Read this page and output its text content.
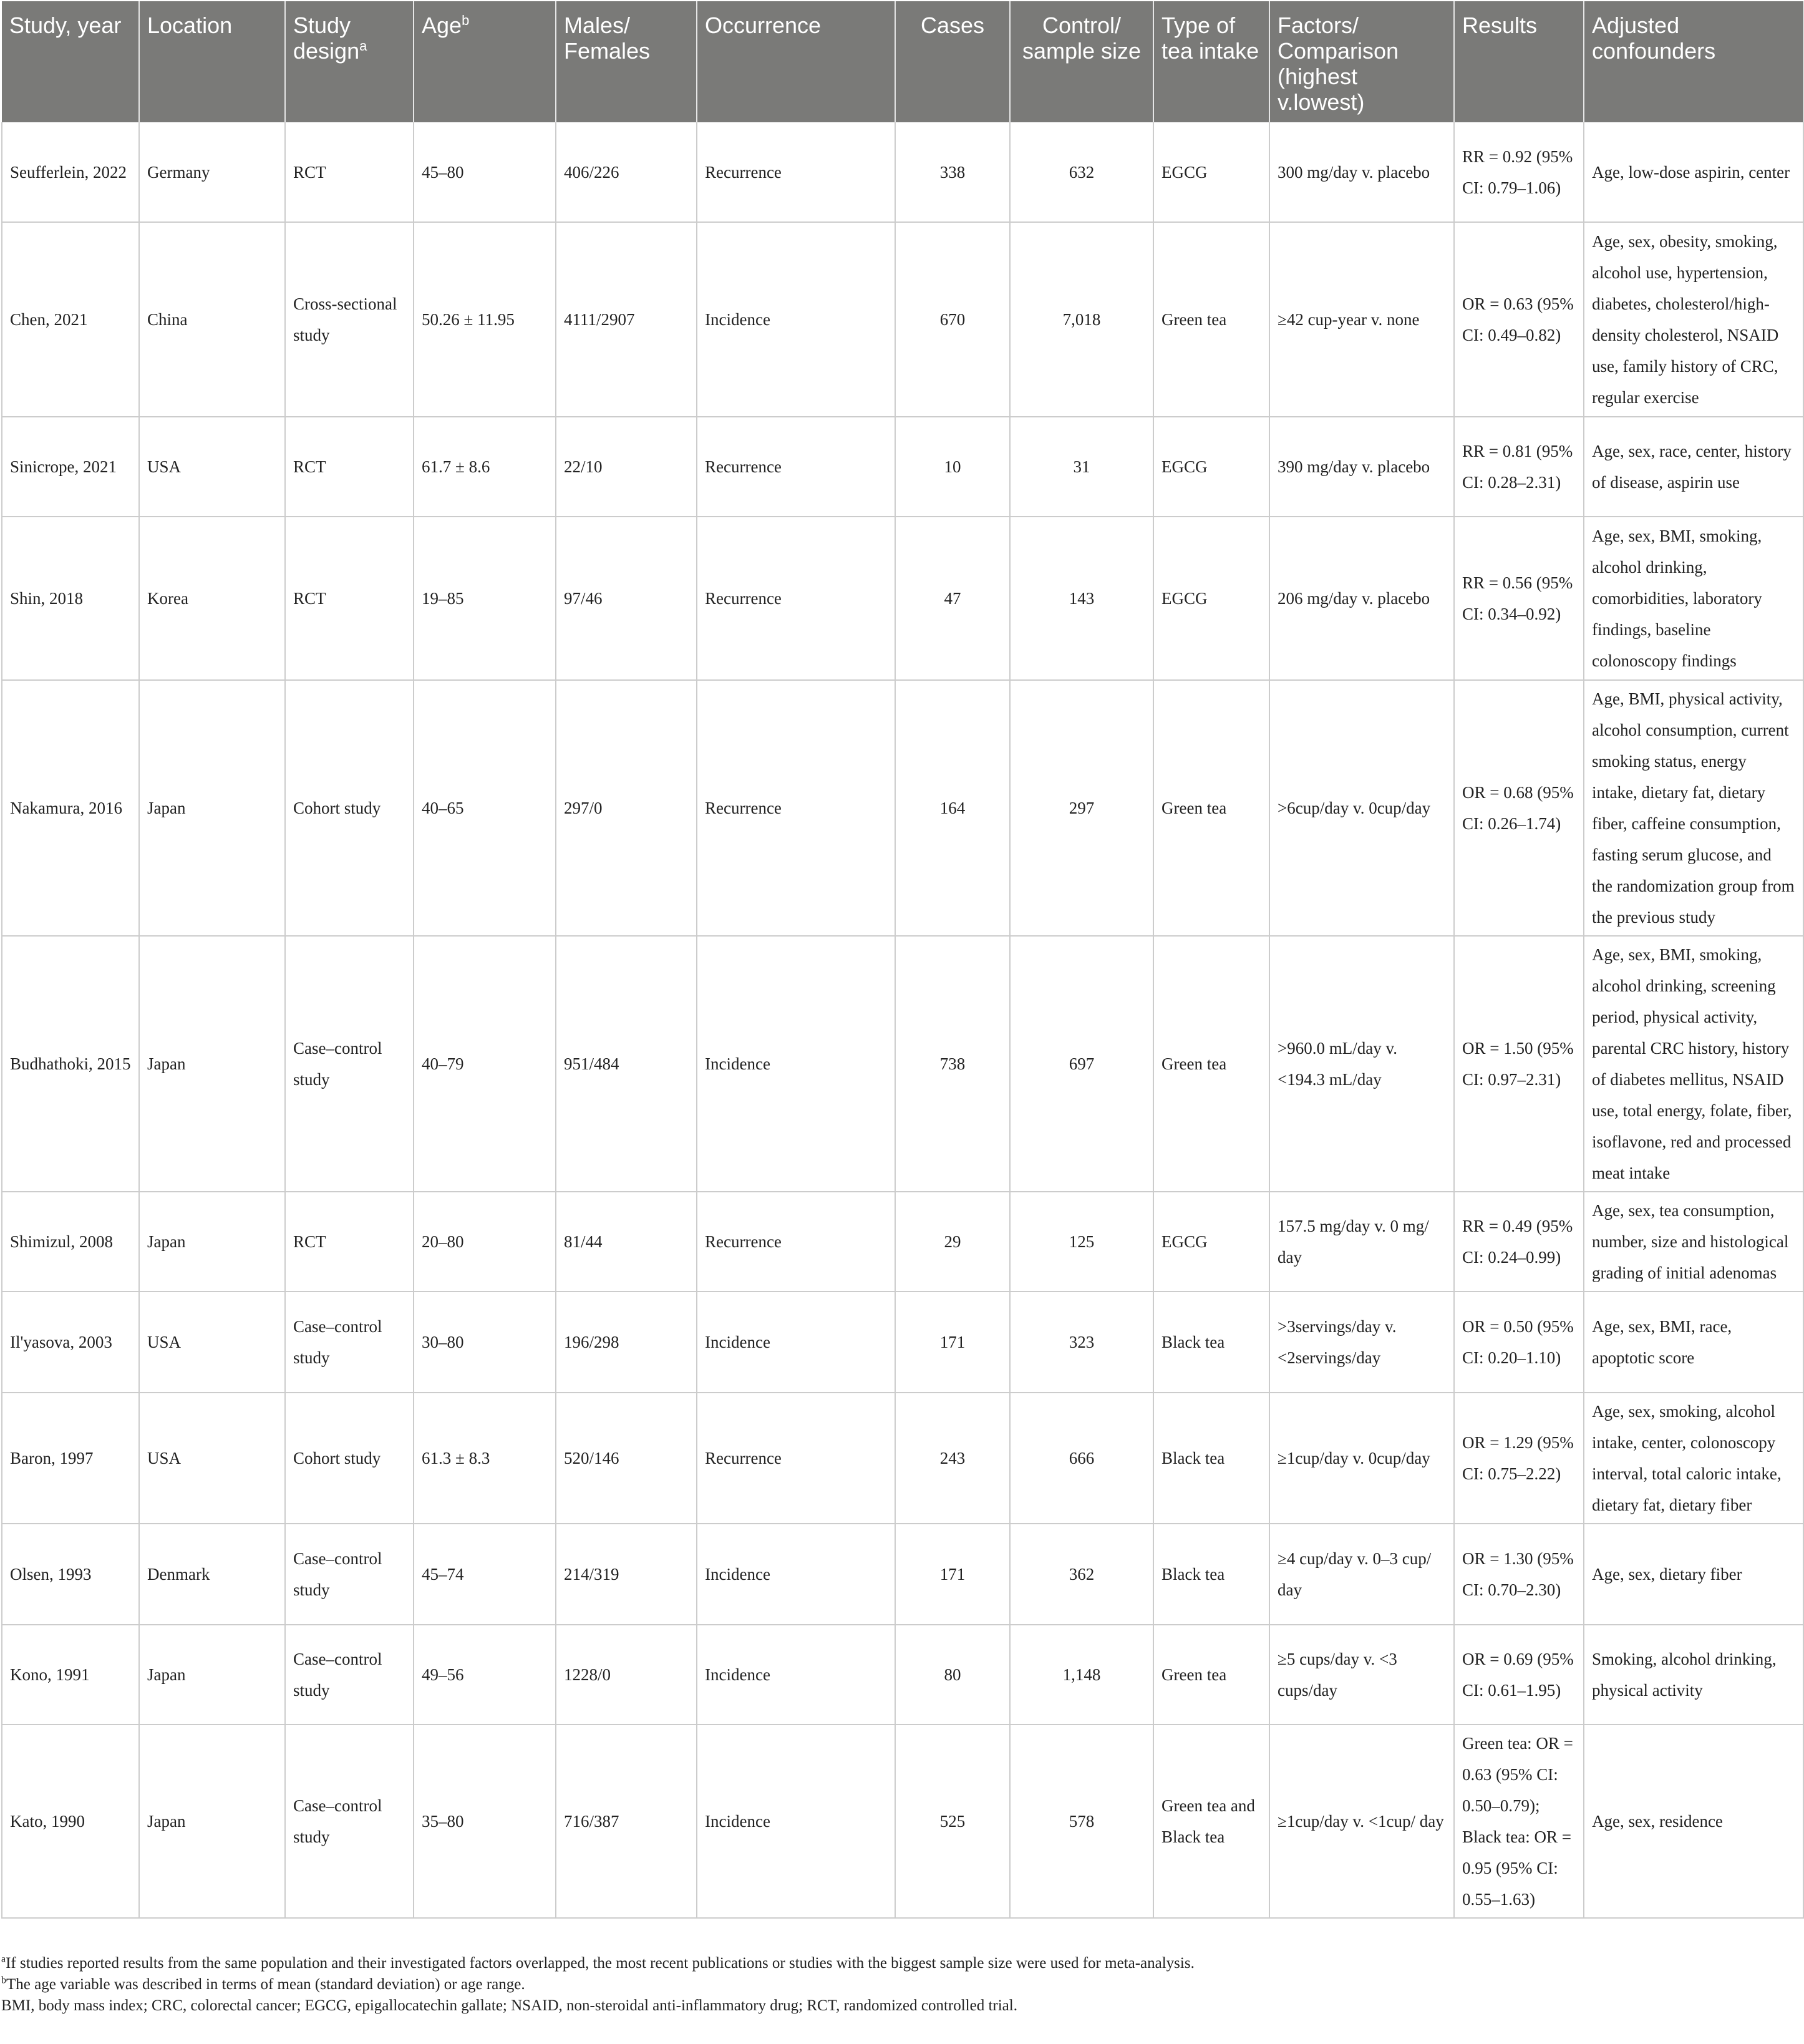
Study, year	Location	Study design$^a$	Age$^b$	Males/ Females	Occurrence	Cases	Control/ sample size	Type of tea intake	Factors/ Comparison (highest v.lowest)	Results	Adjusted confounders
Seufferlein, 2022	Germany	RCT	45–80	406/226	Recurrence	338	632	EGCG	300 mg/day v. placebo	RR = 0.92 (95% CI: 0.79–1.06)	Age, low-dose aspirin, center
Chen, 2021	China	Cross-sectional study	50.26 ± 11.95	4111/2907	Incidence	670	7,018	Green tea	≥42 cup-year v. none	OR = 0.63 (95% CI: 0.49–0.82)	Age, sex, obesity, smoking, alcohol use, hypertension, diabetes, cholesterol/high-density cholesterol, NSAID use, family history of CRC, regular exercise
Sinicrope, 2021	USA	RCT	61.7 ± 8.6	22/10	Recurrence	10	31	EGCG	390 mg/day v. placebo	RR = 0.81 (95% CI: 0.28–2.31)	Age, sex, race, center, history of disease, aspirin use
Shin, 2018	Korea	RCT	19–85	97/46	Recurrence	47	143	EGCG	206 mg/day v. placebo	RR = 0.56 (95% CI: 0.34–0.92)	Age, sex, BMI, smoking, alcohol drinking, comorbidities, laboratory findings, baseline colonoscopy findings
Nakamura, 2016	Japan	Cohort study	40–65	297/0	Recurrence	164	297	Green tea	>6cup/day v. 0cup/day	OR = 0.68 (95% CI: 0.26–1.74)	Age, BMI, physical activity, alcohol consumption, current smoking status, energy intake, dietary fat, dietary fiber, caffeine consumption, fasting serum glucose, and the randomization group from the previous study
Budhathoki, 2015	Japan	Case–control study	40–79	951/484	Incidence	738	697	Green tea	>960.0 mL/day v. <194.3 mL/day	OR = 1.50 (95% CI: 0.97–2.31)	Age, sex, BMI, smoking, alcohol drinking, screening period, physical activity, parental CRC history, history of diabetes mellitus, NSAID use, total energy, folate, fiber, isoflavone, red and processed meat intake
Shimizul, 2008	Japan	RCT	20–80	81/44	Recurrence	29	125	EGCG	157.5 mg/day v. 0 mg/ day	RR = 0.49 (95% CI: 0.24–0.99)	Age, sex, tea consumption, number, size and histological grading of initial adenomas
Il'yasova, 2003	USA	Case–control study	30–80	196/298	Incidence	171	323	Black tea	>3servings/day v. <2servings/day	OR = 0.50 (95% CI: 0.20–1.10)	Age, sex, BMI, race, apoptotic score
Baron, 1997	USA	Cohort study	61.3 ± 8.3	520/146	Recurrence	243	666	Black tea	≥1cup/day v. 0cup/day	OR = 1.29 (95% CI: 0.75–2.22)	Age, sex, smoking, alcohol intake, center, colonoscopy interval, total caloric intake, dietary fat, dietary fiber
Olsen, 1993	Denmark	Case–control study	45–74	214/319	Incidence	171	362	Black tea	≥4 cup/day v. 0–3 cup/ day	OR = 1.30 (95% CI: 0.70–2.30)	Age, sex, dietary fiber
Kono, 1991	Japan	Case–control study	49–56	1228/0	Incidence	80	1,148	Green tea	≥5 cups/day v. <3 cups/day	OR = 0.69 (95% CI: 0.61–1.95)	Smoking, alcohol drinking, physical activity
Kato, 1990	Japan	Case–control study	35–80	716/387	Incidence	525	578	Green tea and Black tea	≥1cup/day v. <1cup/ day	Green tea: OR = 0.63 (95% CI: 0.50–0.79); Black tea: OR = 0.95 (95% CI: 0.55–1.63)	Age, sex, residence

$^a$If studies reported results from the same population and their investigated factors overlapped, the most recent publications or studies with the biggest sample size were used for meta-analysis.

$^b$The age variable was described in terms of mean (standard deviation) or age range.

BMI, body mass index; CRC, colorectal cancer; EGCG, epigallocatechin gallate; NSAID, non-steroidal anti-inflammatory drug; RCT, randomized controlled trial.
